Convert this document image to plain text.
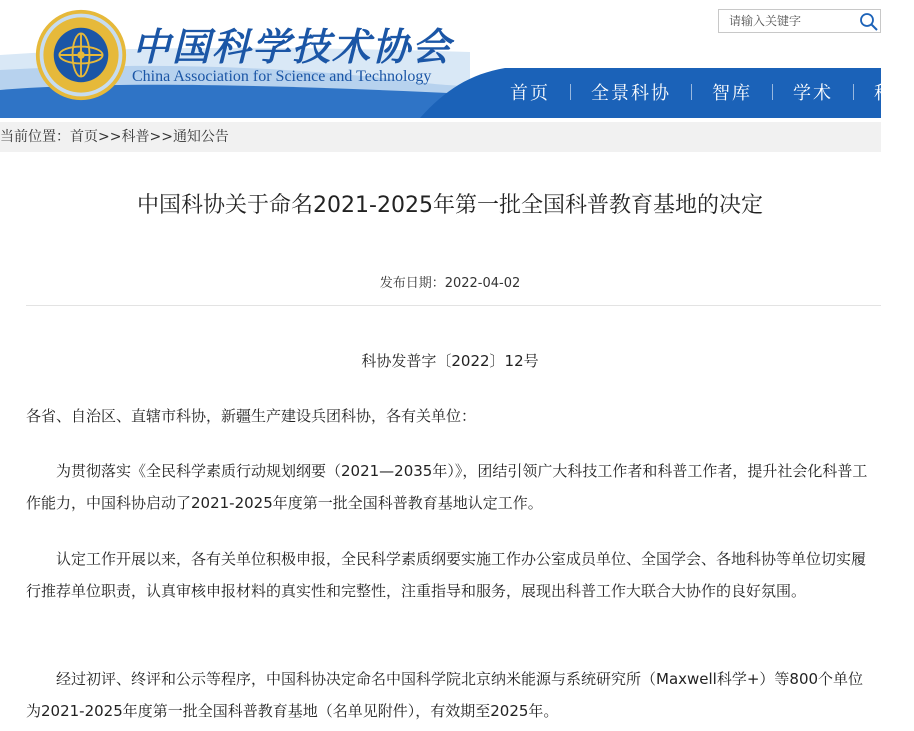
中国科学技术协会
China Association for Science and Technology
请输入关键字
首页	全景科协	智库	学术	科
当前位置：首页>>科普>>通知公告
中国科协关于命名2021-2025年第一批全国科普教育基地的决定
发布日期：2022-04-02
科协发普字〔2022〕12号

各省、自治区、直辖市科协，新疆生产建设兵团科协，各有关单位：

为贯彻落实《全民科学素质行动规划纲要（2021—2035年）》，团结引领广大科技工作者和科普工作者，提升社会化科普工作能力，中国科协启动了2021-2025年度第一批全国科普教育基地认定工作。

认定工作开展以来，各有关单位积极申报，全民科学素质纲要实施工作办公室成员单位、全国学会、各地科协等单位切实履行推荐单位职责，认真审核申报材料的真实性和完整性，注重指导和服务，展现出科普工作大联合大协作的良好氛围。

经过初评、终评和公示等程序，中国科协决定命名中国科学院北京纳米能源与系统研究所（Maxwell科学+）等800个单位为2021-2025年度第一批全国科普教育基地（名单见附件），有效期至2025年。
